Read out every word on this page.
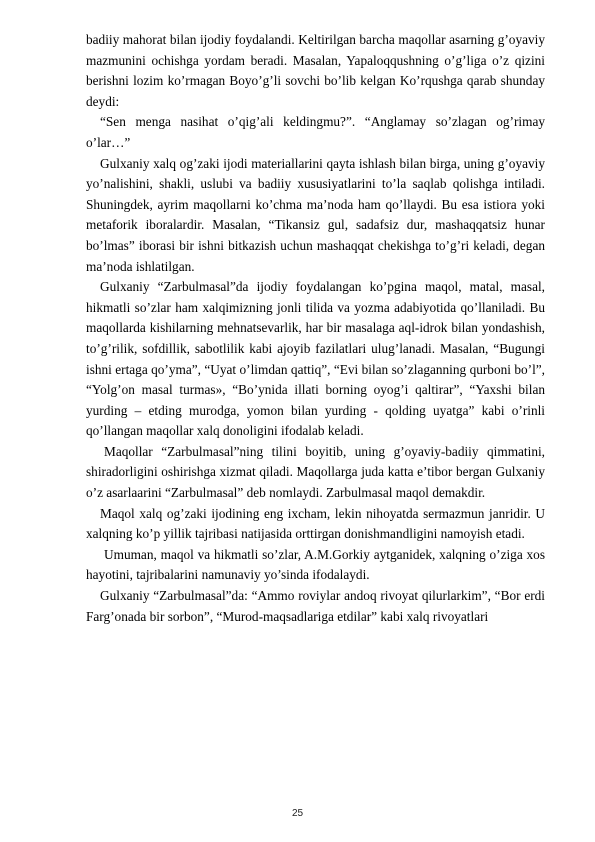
badiiy mahorat bilan ijodiy foydalandi. Keltirilgan barcha maqollar asarning g’oyaviy mazmunini ochishga yordam beradi. Masalan, Yapaloqqushning o’g’liga o’z qizini berishni lozim ko’rmagan Boyo’g’li sovchi bo’lib kelgan Ko’rqushga qarab shunday deydi:

“Sen menga nasihat o’qig’ali keldingmu?”. “Anglamay so’zlagan og’rimay o’lar…”

Gulxaniy xalq og’zaki ijodi materiallarini qayta ishlash bilan birga, uning g’oyaviy yo’nalishini, shakli, uslubi va badiiy xususiyatlarini to’la saqlab qolishga intiladi. Shuningdek, ayrim maqollarni ko’chma ma’noda ham qo’llaydi. Bu esa istiora yoki metaforik iboralardir. Masalan, “Tikansiz gul, sadafsiz dur, mashaqqatsiz hunar bo’lmas” iborasi bir ishni bitkazish uchun mashaqqat chekishga to’g’ri keladi, degan ma’noda ishlatilgan.

Gulxaniy “Zarbulmasal”da ijodiy foydalangan ko’pgina maqol, matal, masal, hikmatli so’zlar ham xalqimizning jonli tilida va yozma adabiyotida qo’llaniladi. Bu maqollarda kishilarning mehnatsevarlik, har bir masalaga aql-idrok bilan yondashish, to’g’rilik, sofdillik, sabotlilik kabi ajoyib fazilatlari ulug’lanadi. Masalan, “Bugungi ishni ertaga qo’yma”, “Uyat o’limdan qattiq”, “Evi bilan so’zlaganning qurboni bo’l”, “Yolg’on masal turmas», “Bo’ynida illati borning oyog’i qaltirar”, “Yaxshi bilan yurding – etding murodga, yomon bilan yurding - qolding uyatga” kabi o’rinli qo’llangan maqollar xalq donoligini ifodalab keladi.

Maqollar “Zarbulmasal”ning tilini boyitib, uning g’oyaviy-badiiy qimmatini, shiradorligini oshirishga xizmat qiladi. Maqollarga juda katta e’tibor bergan Gulxaniy o’z asarlaarini “Zarbulmasal” deb nomlaydi. Zarbulmasal maqol demakdir.

Maqol xalq og’zaki ijodining eng ixcham, lekin nihoyatda sermazmun janridir. U xalqning ko’p yillik tajribasi natijasida orttirgan donishmandligini namoyish etadi.

Umuman, maqol va hikmatli so’zlar, A.M.Gorkiy aytganidek, xalqning o’ziga xos hayotini, tajribalarini namunaviy yo’sinda ifodalaydi.

Gulxaniy “Zarbulmasal”da: “Ammo roviylar andoq rivoyat qilurlarkim”, “Bor erdi Farg’onada bir sorbon”, “Murod-maqsadlariga etdilar” kabi xalq rivoyatlari

25
